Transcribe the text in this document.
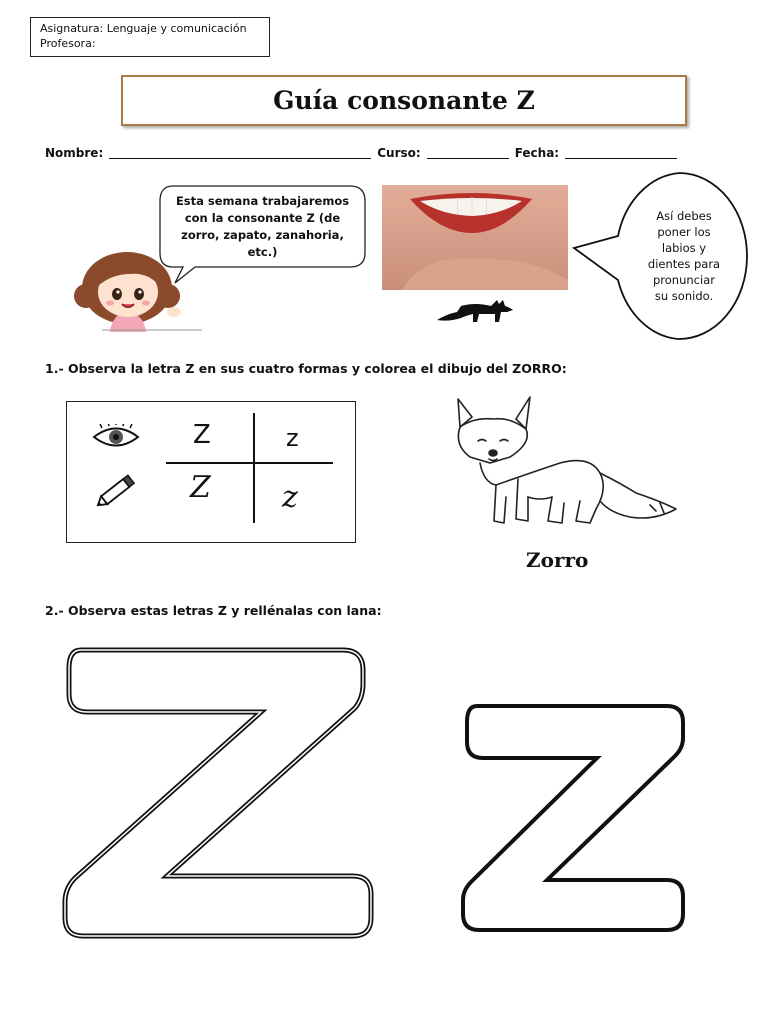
Asignatura: Lenguaje y comunicación
Profesora:
Guía consonante Z
Nombre:	Curso:	Fecha:
Esta semana trabajaremos
con la consonante Z (de
zorro, zapato, zanahoria,
etc.)
Así debes
poner los
labios y
dientes para
pronunciar
su sonido.
1.- Observa la letra Z en sus cuatro formas y colorea el dibujo del ZORRO:
Z	z
Z z
Zorro
2.- Observa estas letras Z y rellénalas con lana:
